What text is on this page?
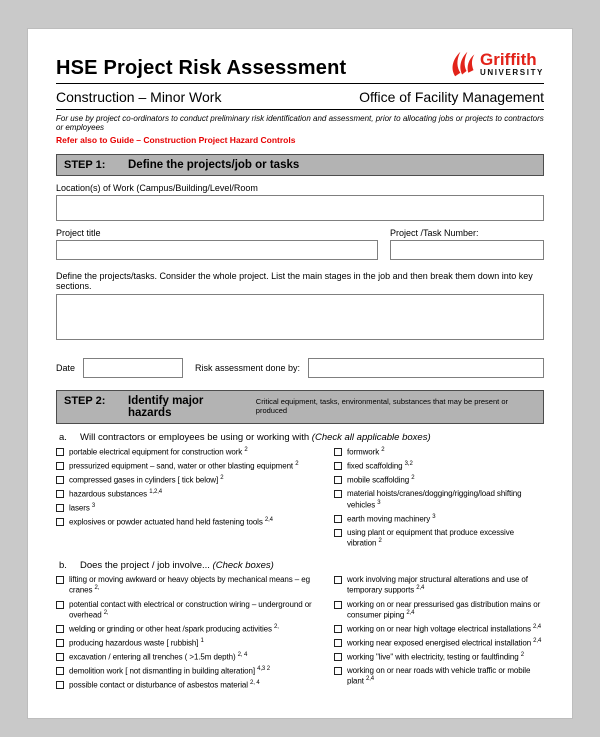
HSE Project Risk Assessment	Griffith
UNIVERSITY
Construction – Minor Work	Office of Facility Management
For use by project co-ordinators to conduct preliminary risk identification and assessment, prior to allocating jobs or projects to contractors or employees
Refer also to Guide – Construction Project Hazard Controls
STEP 1:	Define the projects/job or tasks
Location(s) of Work (Campus/Building/Level/Room
Project title	Project /Task Number:
Define the projects/tasks. Consider the whole project. List the main stages in the job and then break them down into key sections.
Date	Risk assessment done by:
STEP 2:	Identify major hazards
Critical equipment, tasks, environmental, substances that may be present or produced
a. Will contractors or employees be using or working with (Check all applicable boxes)
portable electrical equipment for construction work $^2$
pressurized equipment – sand, water or other blasting equipment $^2$
compressed gases in cylinders [ tick below] $^2$
hazardous substances $^{1,2,4}$
lasers $^3$
explosives or powder actuated hand held fastening tools $^{2,4}$
formwork $^2$
fixed scaffolding $^{3,2}$
mobile scaffolding $^2$
material hoists/cranes/dogging/rigging/load shifting vehicles $^3$
earth moving machinery $^3$
using plant or equipment that produce excessive vibration $^2$
b. Does the project / job involve... (Check boxes)
lifting or moving awkward or heavy objects by mechanical means – eg cranes $^{2,}$
potential contact with electrical or construction wiring – underground or overhead $^{2,}$
welding or grinding or other heat /spark producing activities $^{2,}$
producing hazardous waste [ rubbish] $^1$
excavation / entering all trenches ( >1.5m depth) $^{2, 4}$
demolition work [ not dismantling in building alteration] $^{4,3 2}$
possible contact or disturbance of asbestos material $^{2, 4}$
work involving major structural alterations and use of temporary supports $^{2,4}$
working on or near pressurised gas distribution mains or consumer piping $^{2,4}$
working on or near high voltage electrical installations $^{2,4}$
working near exposed energised electrical installation $^{2,4}$
working "live" with electricity, testing or faultfinding $^2$
working on or near roads with vehicle traffic or mobile plant $^{2,4}$
